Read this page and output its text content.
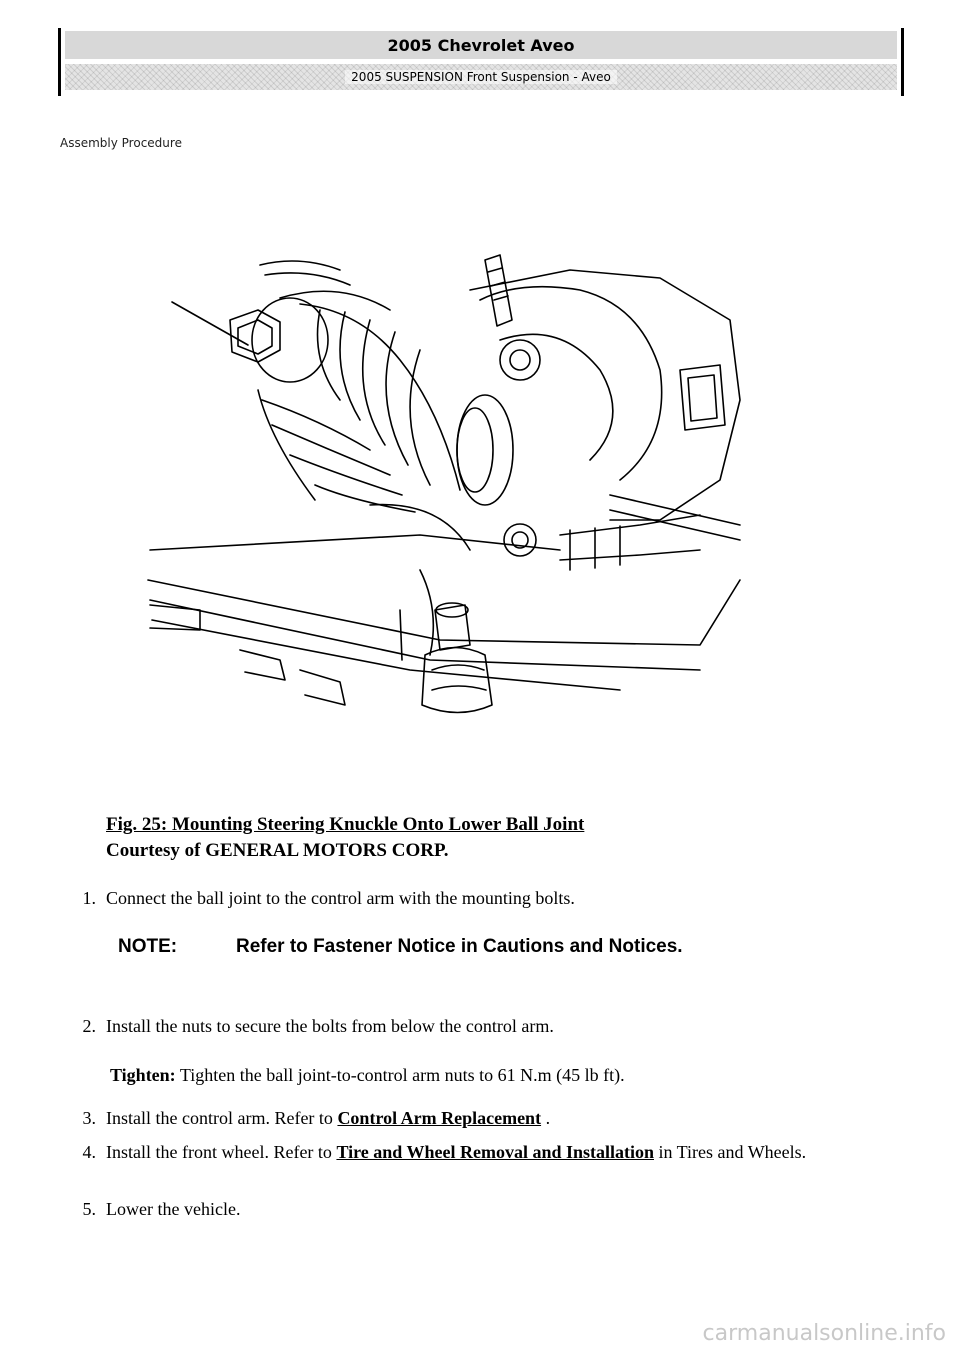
2005 Chevrolet Aveo
2005 SUSPENSION Front Suspension - Aveo
Assembly Procedure
Fig. 25: Mounting Steering Knuckle Onto Lower Ball Joint
Courtesy of GENERAL MOTORS CORP.
1. Connect the ball joint to the control arm with the mounting bolts.
NOTE:	Refer to Fastener Notice in Cautions and Notices.
2. Install the nuts to secure the bolts from below the control arm.
Tighten: Tighten the ball joint-to-control arm nuts to 61 N.m (45 lb ft).
3. Install the control arm. Refer to Control Arm Replacement .
4. Install the front wheel. Refer to Tire and Wheel Removal and Installation in Tires and Wheels.
5. Lower the vehicle.
carmanualsonline.info
